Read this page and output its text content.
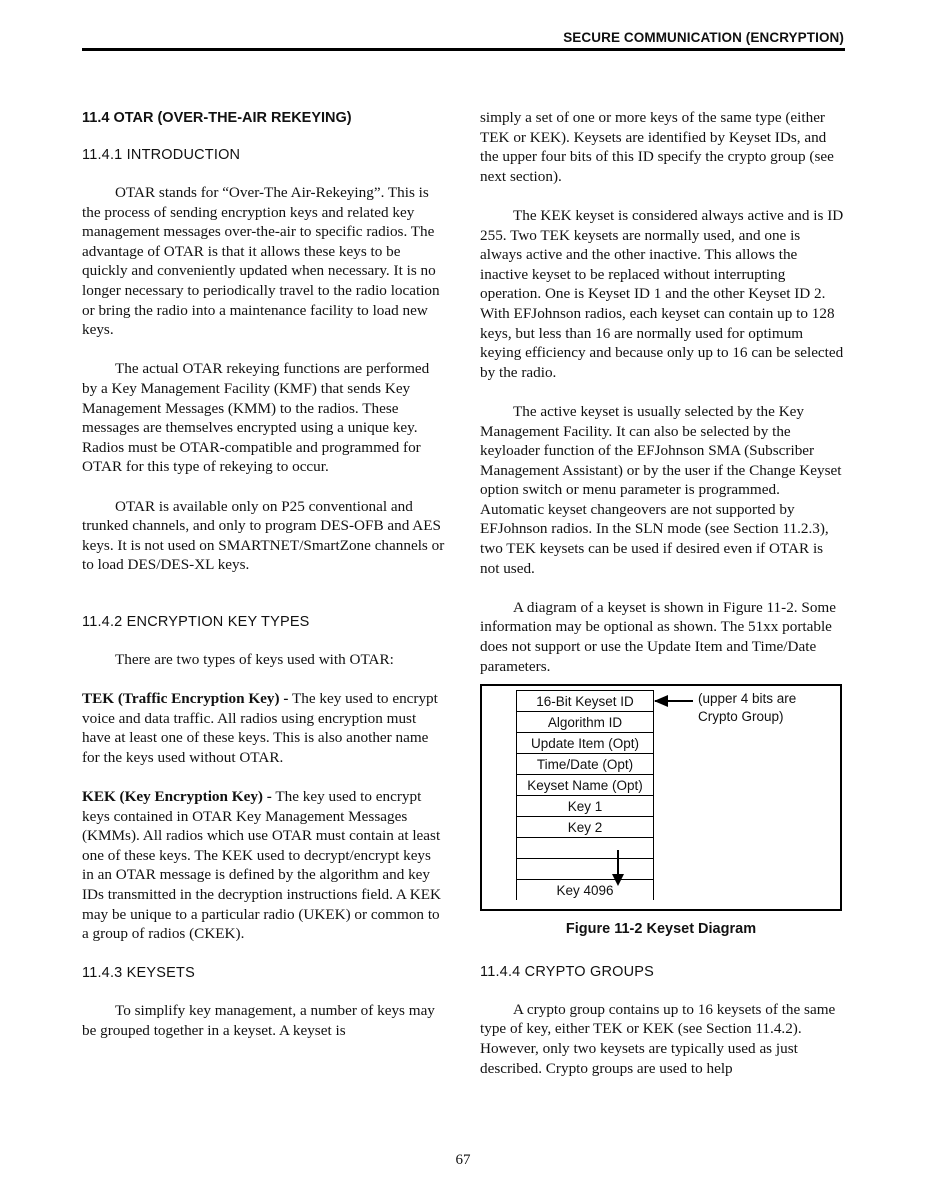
SECURE COMMUNICATION (ENCRYPTION)
11.4 OTAR (OVER-THE-AIR REKEYING)
11.4.1 INTRODUCTION

OTAR stands for “Over-The Air-Rekeying”. This is the process of sending encryption keys and related key management messages over-the-air to specific radios. The advantage of OTAR is that it allows these keys to be quickly and conveniently updated when necessary. It is no longer necessary to periodically travel to the radio location or bring the radio into a maintenance facility to load new keys.

The actual OTAR rekeying functions are performed by a Key Management Facility (KMF) that sends Key Management Messages (KMM) to the radios. These messages are themselves encrypted using a unique key. Radios must be OTAR-compatible and programmed for OTAR for this type of rekeying to occur.

OTAR is available only on P25 conventional and trunked channels, and only to program DES-OFB and AES keys. It is not used on SMARTNET/SmartZone channels or to load DES/DES-XL keys.

11.4.2 ENCRYPTION KEY TYPES

There are two types of keys used with OTAR:

TEK (Traffic Encryption Key) - The key used to encrypt voice and data traffic. All radios using encryption must have at least one of these keys. This is also another name for the keys used without OTAR.

KEK (Key Encryption Key) - The key used to encrypt keys contained in OTAR Key Management Messages (KMMs). All radios which use OTAR must contain at least one of these keys. The KEK used to decrypt/encrypt keys in an OTAR message is defined by the algorithm and key IDs transmitted in the decryption instructions field. A KEK may be unique to a particular radio (UKEK) or common to a group of radios (CKEK).

11.4.3 KEYSETS

To simplify key management, a number of keys may be grouped together in a keyset. A keyset is

simply a set of one or more keys of the same type (either TEK or KEK). Keysets are identified by Keyset IDs, and the upper four bits of this ID specify the crypto group (see next section).

The KEK keyset is considered always active and is ID 255. Two TEK keysets are normally used, and one is always active and the other inactive. This allows the inactive keyset to be replaced without interrupting operation. One is Keyset ID 1 and the other Keyset ID 2. With EFJohnson radios, each keyset can contain up to 128 keys, but less than 16 are normally used for optimum keying efficiency and because only up to 16 can be selected by the radio.

The active keyset is usually selected by the Key Management Facility. It can also be selected by the keyloader function of the EFJohnson SMA (Subscriber Management Assistant) or by the user if the Change Keyset option switch or menu parameter is programmed. Automatic keyset changeovers are not supported by EFJohnson radios. In the SLN mode (see Section 11.2.3), two TEK keysets can be used if desired even if OTAR is not used.

A diagram of a keyset is shown in Figure 11-2. Some information may be optional as shown. The 51xx portable does not support or use the Update Item and Time/Date parameters.

16-Bit Keyset ID
Algorithm ID
Update Item (Opt)
Time/Date (Opt)
Keyset Name (Opt)
Key 1
Key 2
Key 4096
(upper 4 bits are
Crypto Group)
Figure 11-2 Keyset Diagram
11.4.4 CRYPTO GROUPS

A crypto group contains up to 16 keysets of the same type of key, either TEK or KEK (see Section 11.4.2). However, only two keysets are typically used as just described. Crypto groups are used to help

67
